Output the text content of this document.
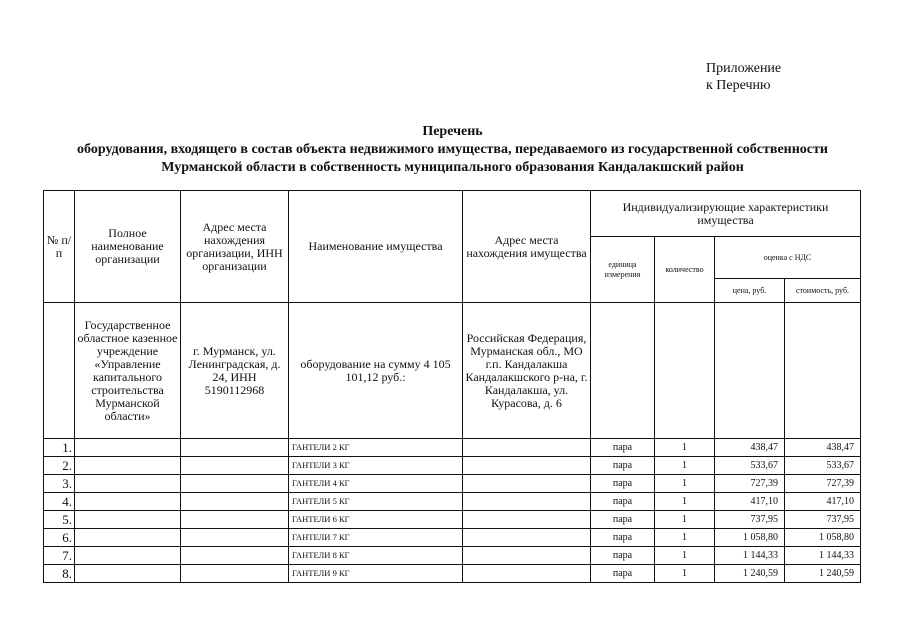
Приложение
к Перечню
Перечень
оборудования, входящего в состав объекта недвижимого имущества, передаваемого из государственной собственности
Мурманской области в собственность муниципального образования Кандалакшский район
№ п/п	Полное наименование организации	Адрес места нахождения организации, ИНН организации	Наименование имущества	Адрес места нахождения имущества	Индивидуализирующие характеристики имущества			
					единица измерения	количество	оценка с НДС	
							цена, руб.	стоимость, руб.
	Государственное областное казенное учреждение «Управление капитального строительства Мурманской области»	г. Мурманск, ул. Ленинградская, д. 24, ИНН 5190112968	оборудование на сумму 4 105 101,12 руб.:	Российская Федерация, Мурманская обл., МО г.п. Кандалакша Кандалакшского р-на, г. Кандалакша, ул. Курасова, д. 6				
1.			ГАНТЕЛИ 2 КГ		пара	1	438,47	438,47
2.			ГАНТЕЛИ 3 КГ		пара	1	533,67	533,67
3.			ГАНТЕЛИ 4 КГ		пара	1	727,39	727,39
4.			ГАНТЕЛИ 5 КГ		пара	1	417,10	417,10
5.			ГАНТЕЛИ 6 КГ		пара	1	737,95	737,95
6.			ГАНТЕЛИ 7 КГ		пара	1	1 058,80	1 058,80
7.			ГАНТЕЛИ 8 КГ		пара	1	1 144,33	1 144,33
8.			ГАНТЕЛИ 9 КГ		пара	1	1 240,59	1 240,59
